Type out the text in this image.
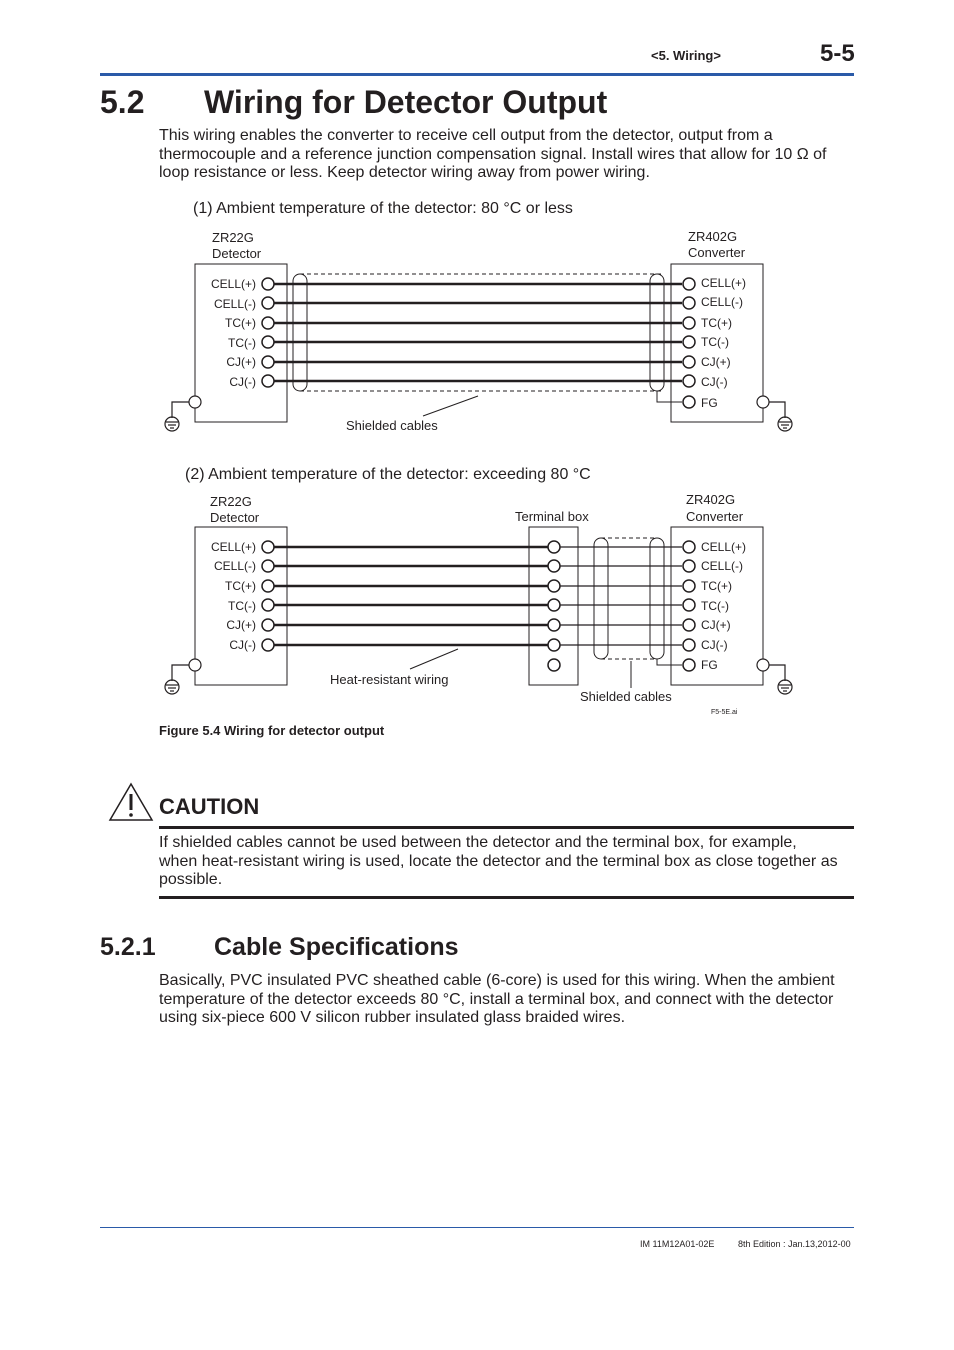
<5. Wiring>	5-5
5.2 Wiring for Detector Output
This wiring enables the converter to receive cell output from the detector, output from a
thermocouple and a reference junction compensation signal. Install wires that allow for 10 Ω of
loop resistance or less. Keep detector wiring away from power wiring.
(1) Ambient temperature of the detector: 80 °C or less
ZR22G
Detector
ZR402G
Converter
CELL(+)
CELL(-)
TC(+)
TC(-)
CJ(+)
CJ(-)
CELL(+)
CELL(-)
TC(+)
TC(-)
CJ(+)
CJ(-)
FG
Shielded cables
(2) Ambient temperature of the detector: exceeding 80 °C
ZR22G
Detector
ZR402G
Converter
Terminal box
CELL(+)
CELL(-)
TC(+)
TC(-)
CJ(+)
CJ(-)
CELL(+)
CELL(-)
TC(+)
TC(-)
CJ(+)
CJ(-)
FG
Heat-resistant wiring
Shielded cables
F5-5E.ai
Figure 5.4 Wiring for detector output
CAUTION
If shielded cables cannot be used between the detector and the terminal box, for example,
when heat-resistant wiring is used, locate the detector and the terminal box as close together as
possible.
5.2.1 Cable Specifications
Basically, PVC insulated PVC sheathed cable (6-core) is used for this wiring. When the ambient
temperature of the detector exceeds 80 °C, install a terminal box, and connect with the detector
using six-piece 600 V silicon rubber insulated glass braided wires.
IM 11M12A01-02E	8th Edition : Jan.13,2012-00
